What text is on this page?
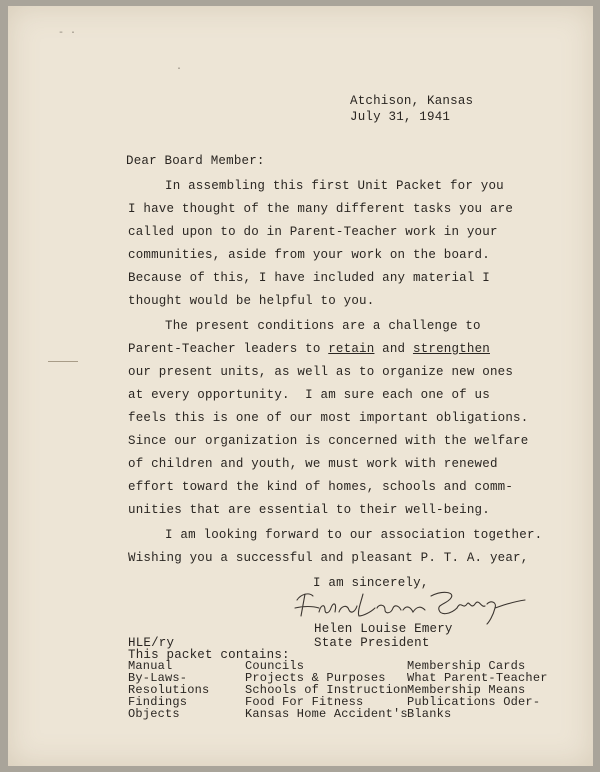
- ·
·
Atchison, Kansas
July 31, 1941
Dear Board Member:
In assembling this first Unit Packet for you
I have thought of the many different tasks you are
called upon to do in Parent-Teacher work in your
communities, aside from your work on the board.
Because of this, I have included any material I
thought would be helpful to you.
The present conditions are a challenge to
Parent-Teacher leaders to retain and strengthen
our present units, as well as to organize new ones
at every opportunity.  I am sure each one of us
feels this is one of our most important obligations.
Since our organization is concerned with the welfare
of children and youth, we must work with renewed
effort toward the kind of homes, schools and comm-
unities that are essential to their well-being.
I am looking forward to our association together.
Wishing you a successful and pleasant P. T. A. year,
I am sincerely,
Helen Louise Emery
State President
HLE/ry
This packet contains:
Manual
By-Laws-
Resolutions
Findings
Objects
Councils
Projects & Purposes
Schools of Instruction
Food For Fitness
Kansas Home Accident's
Membership Cards
What Parent-Teacher
Membership Means
Publications Oder-
Blanks
